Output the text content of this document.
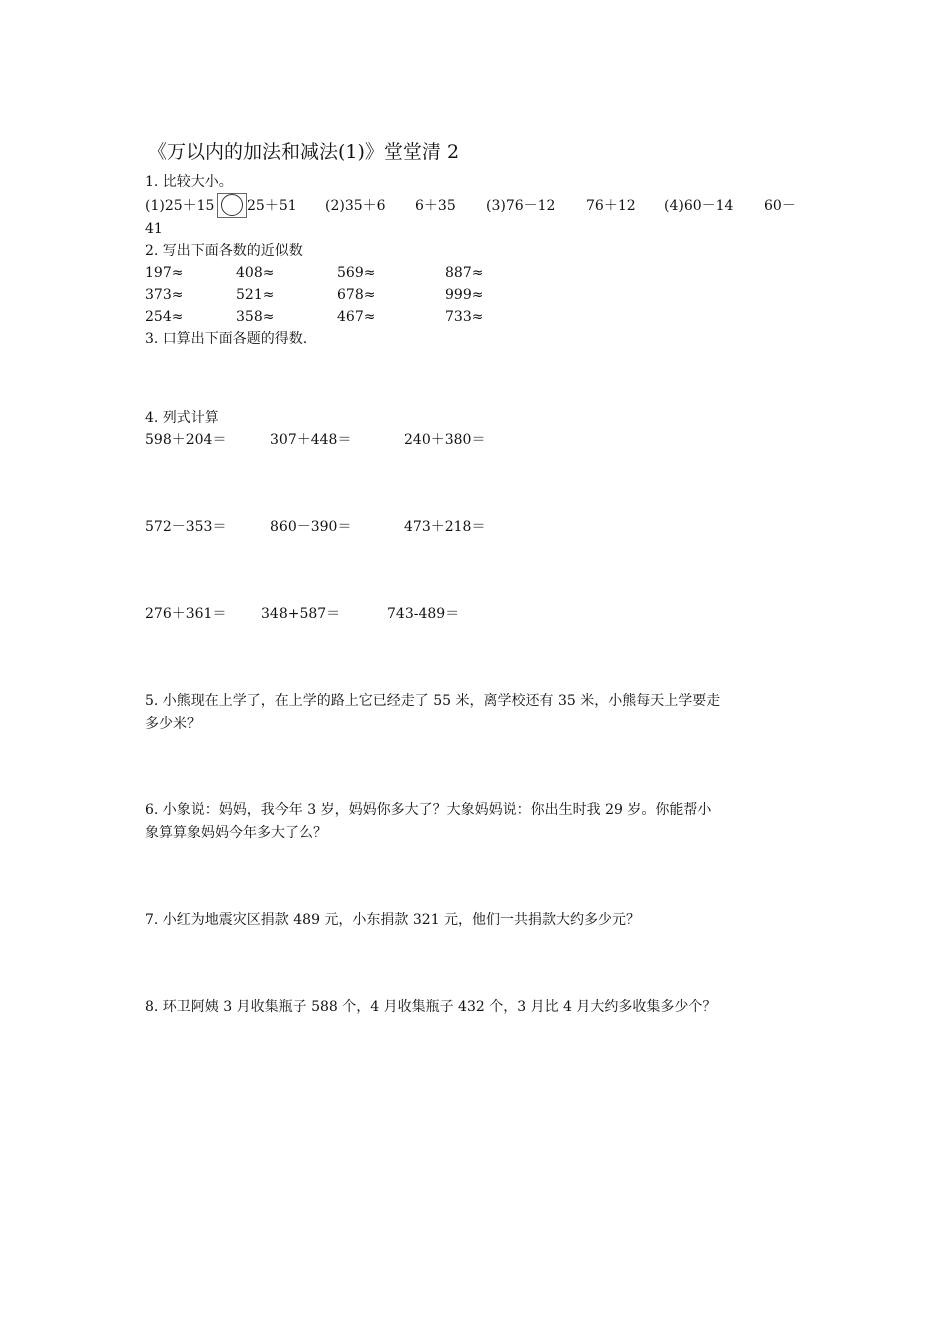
《万以内的加法和减法(1)》堂堂清 2
1. 比较大小。
(1)25＋15 25＋51 (2)35＋6 6＋35 (3)76－12 76＋12 (4)60－14 60－
41
2. 写出下面各数的近似数
197≈	408≈	569≈	887≈
373≈	521≈	678≈	999≈
254≈	358≈	467≈	733≈
3. 口算出下面各题的得数.
4. 列式计算
598＋204＝	307＋448＝	240＋380＝
572－353＝	860－390＝	473＋218＝
276＋361＝ 348+587＝	743-489＝
5. 小熊现在上学了，在上学的路上它已经走了 55 米，离学校还有 35 米，小熊每天上学要走
多少米？
6. 小象说：妈妈，我今年 3 岁，妈妈你多大了？大象妈妈说：你出生时我 29 岁。你能帮小
象算算象妈妈今年多大了么？
7. 小红为地震灾区捐款 489 元，小东捐款 321 元，他们一共捐款大约多少元？
8. 环卫阿姨 3 月收集瓶子 588 个，4 月收集瓶子 432 个，3 月比 4 月大约多收集多少个？
